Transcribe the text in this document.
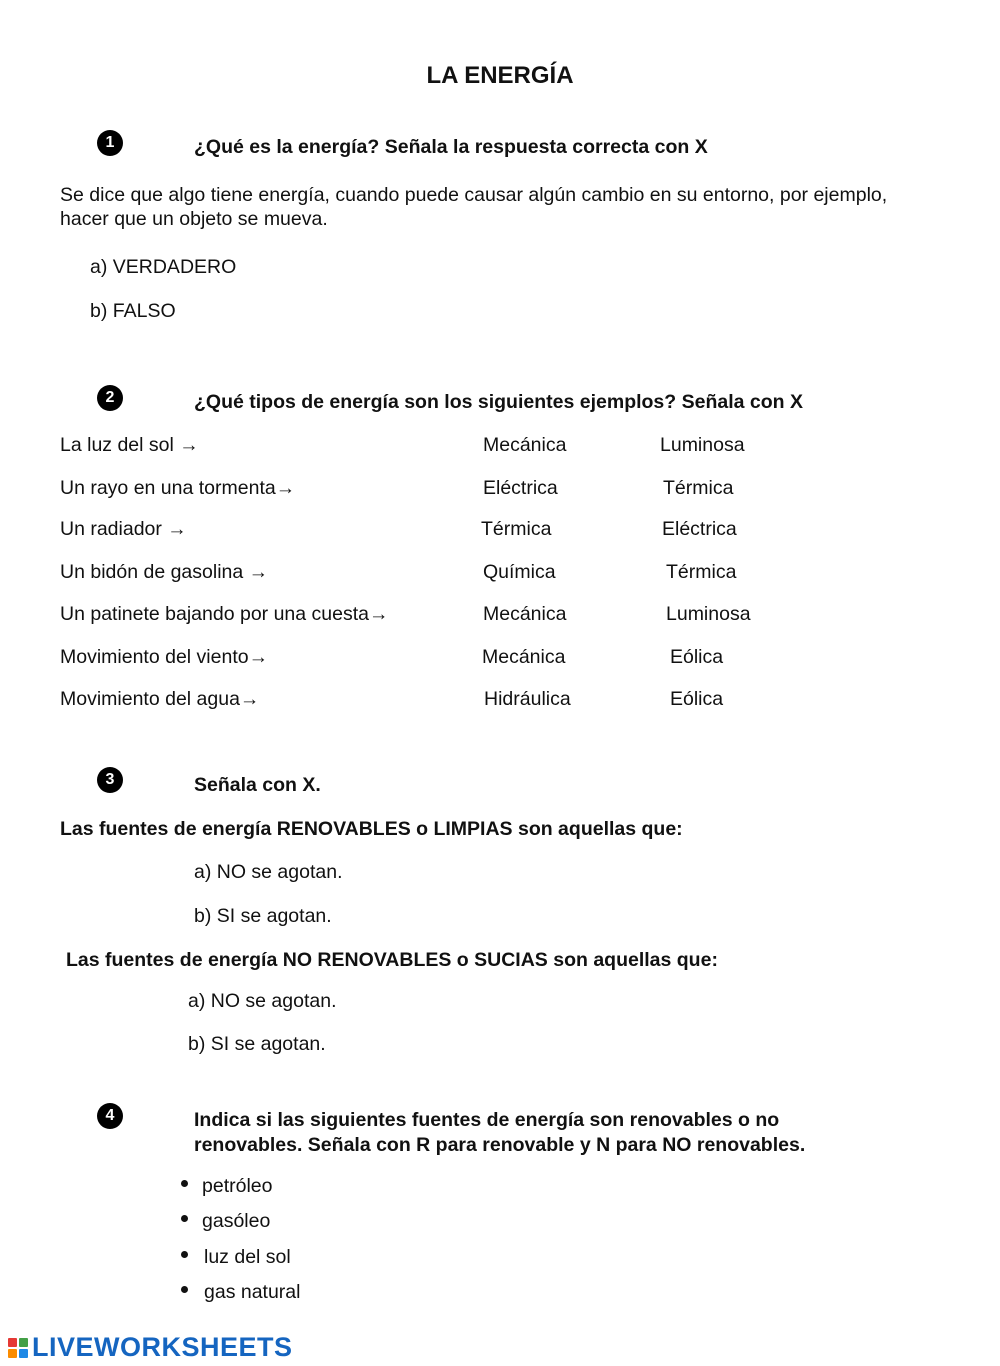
LA ENERGÍA
1	¿Qué es la energía? Señala la respuesta correcta con X
Se dice que algo tiene energía, cuando puede causar algún cambio en su entorno, por ejemplo, hacer que un objeto se mueva.
a) VERDADERO
b) FALSO
2	¿Qué tipos de energía son los siguientes ejemplos? Señala con X
La luz del sol →	Mecánica	Luminosa
Un rayo en una tormenta→	Eléctrica	Térmica
Un radiador →	Térmica	Eléctrica
Un bidón de gasolina →	Química	Térmica
Un patinete bajando por una cuesta→	Mecánica	Luminosa
Movimiento del viento→	Mecánica	Eólica
Movimiento del agua→	Hidráulica	Eólica
3	Señala con X.
Las fuentes de energía RENOVABLES o LIMPIAS son aquellas que:
a) NO se agotan.
b) SI se agotan.
Las fuentes de energía NO RENOVABLES o SUCIAS son aquellas que:
a) NO se agotan.
b) SI se agotan.
4	Indica si las siguientes fuentes de energía son renovables o no
renovables. Señala con R para renovable y N para NO renovables.
petróleo
gasóleo
luz del sol
gas natural
LIVEWORKSHEETS
